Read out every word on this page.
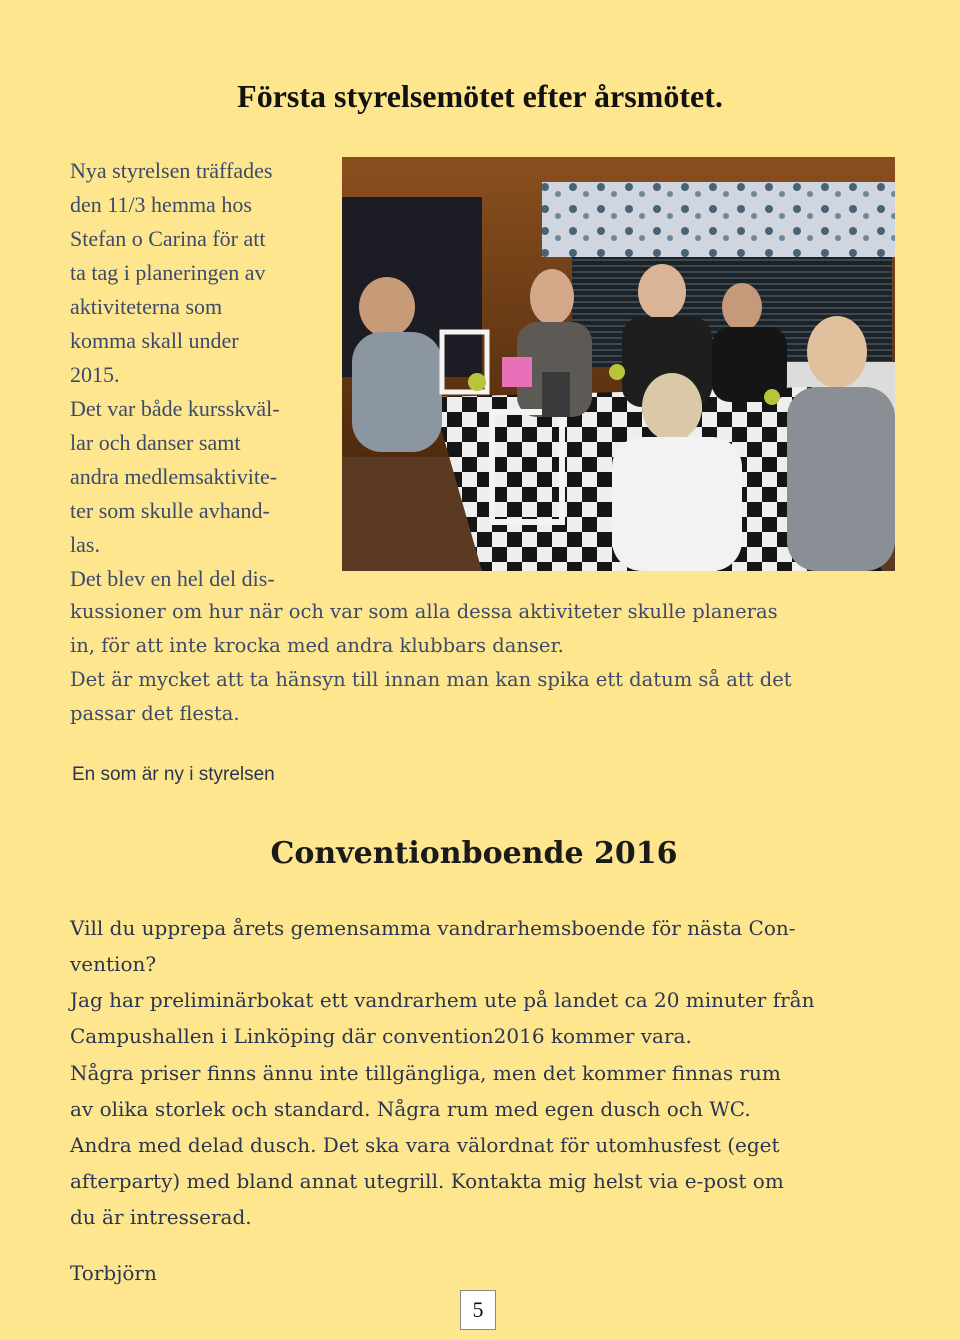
Första styrelsemötet efter årsmötet.
Nya styrelsen träffades
den 11/3 hemma hos
Stefan o Carina för att
ta tag i planeringen av
aktiviteterna som
komma skall under
2015.
Det var både kursskväl-
lar och danser samt
andra medlemsaktivite-
ter som skulle avhand-
las.
Det blev en hel del dis-
kussioner om hur när och var som alla dessa aktiviteter skulle planeras
in, för att inte krocka med andra klubbars danser.
Det är mycket att ta hänsyn till innan man kan spika ett datum så att det
passar det flesta.
En som är ny i styrelsen
Conventionboende 2016
Vill du upprepa årets gemensamma vandrarhemsboende för nästa Con-
vention?
Jag har preliminärbokat ett vandrarhem ute på landet ca 20 minuter från
Campushallen i Linköping där convention2016 kommer vara.
Några priser finns ännu inte tillgängliga, men det kommer finnas rum
av olika storlek och standard. Några rum med egen dusch och WC.
Andra med delad dusch. Det ska vara välordnat för utomhusfest (eget
afterparty) med bland annat utegrill. Kontakta mig helst via e-post om
du är intresserad.
Torbjörn
5
